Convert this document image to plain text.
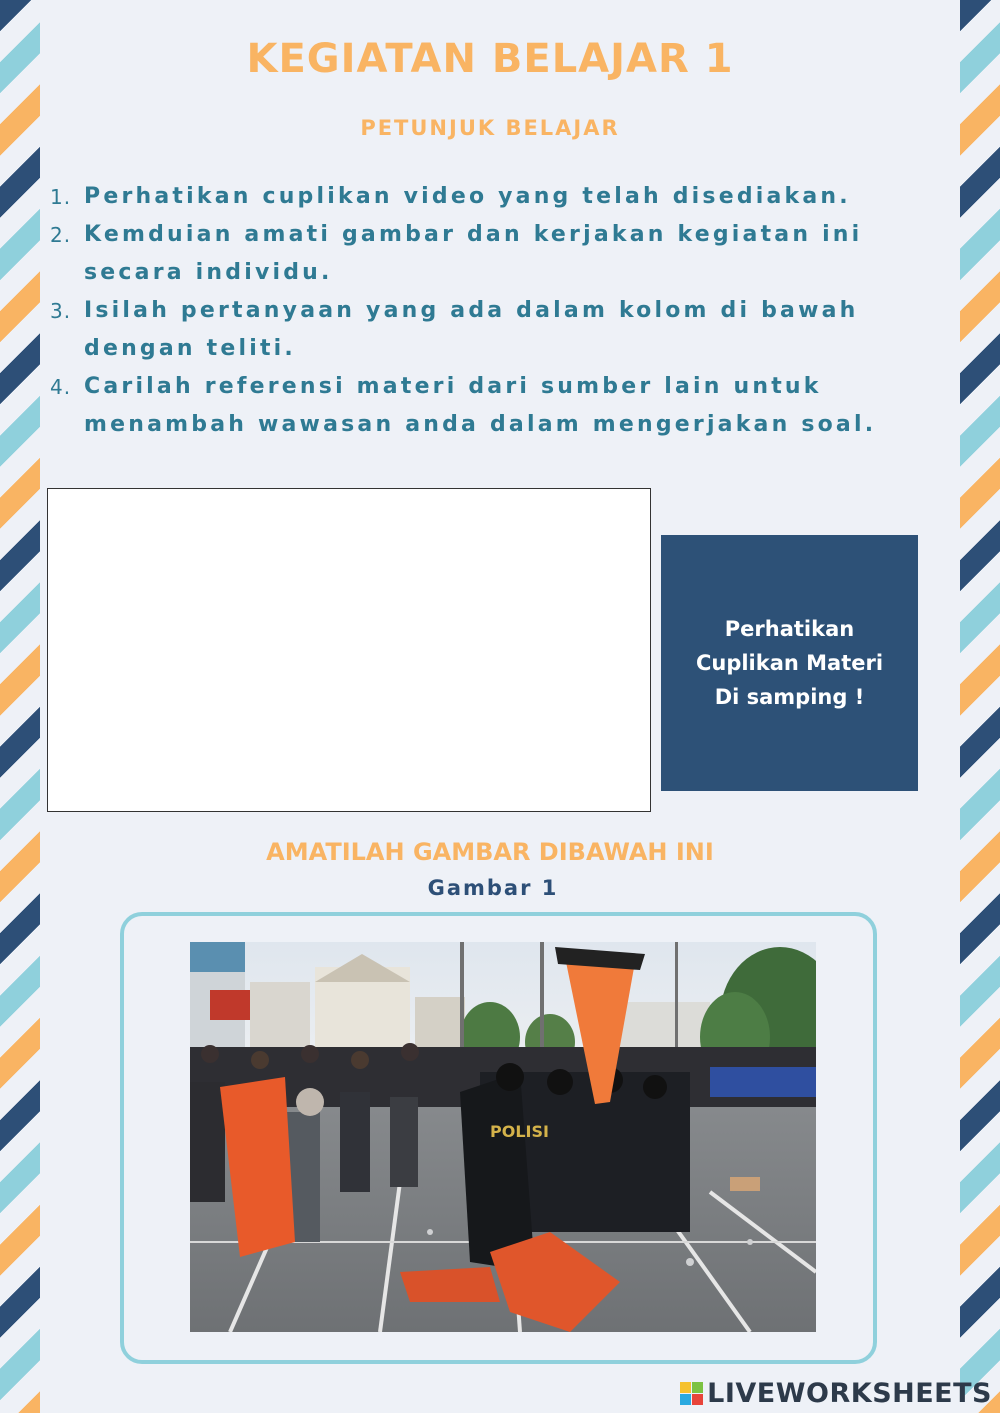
KEGIATAN BELAJAR 1
PETUNJUK BELAJAR
1. Perhatikan cuplikan video yang telah disediakan.
2. Kemduian amati gambar dan kerjakan kegiatan ini secara individu.
3. Isilah pertanyaan yang ada dalam kolom di bawah dengan teliti.
4. Carilah referensi materi dari sumber lain untuk menambah wawasan anda dalam mengerjakan soal.
Perhatikan
Cuplikan Materi
Di samping !
AMATILAH GAMBAR DIBAWAH INI
Gambar 1
POLISI
LIVEWORKSHEETS
